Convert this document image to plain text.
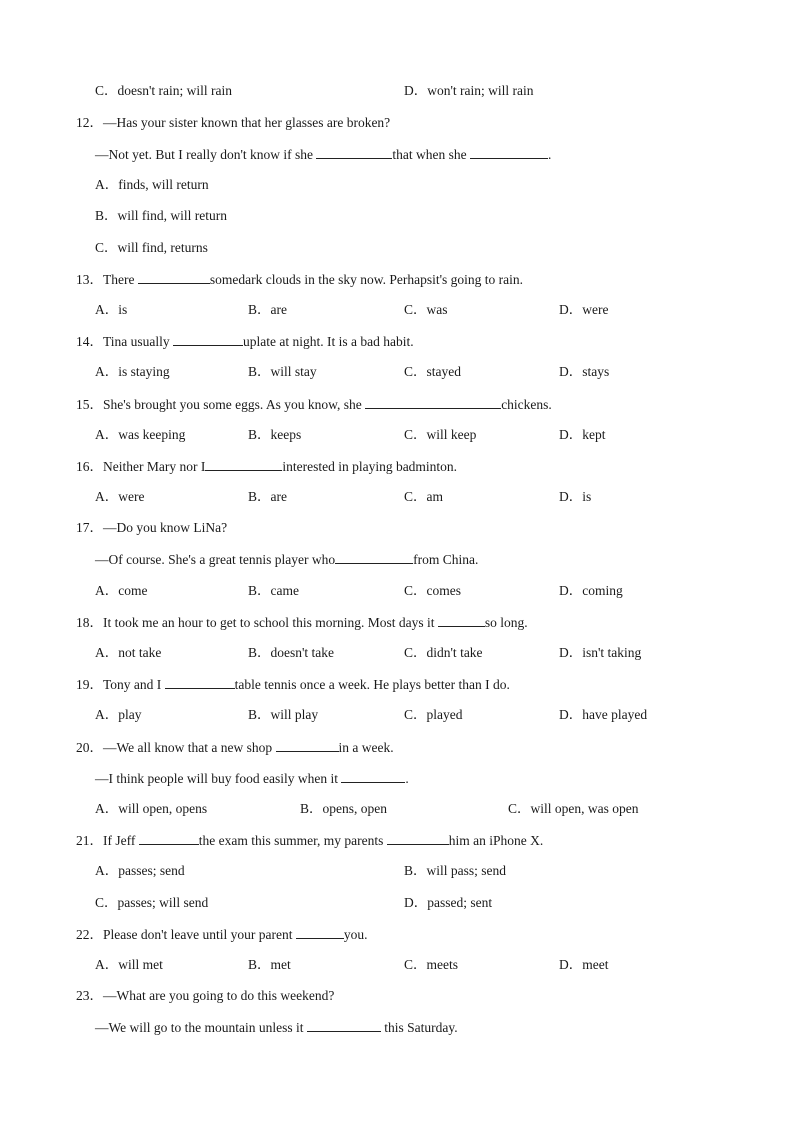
C．doesn't rain; will rain	D．won't rain; will rain
12．—Has your sister known that her glasses are broken?
—Not yet. But I really don't know if she	that when she	.
A．finds, will return
B．will find, will return
C．will find, returns
13．There	somedark clouds in the sky now. Perhapsit's going to rain.
A．is	B．are	C．was	D．were
14．Tina usually	uplate at night. It is a bad habit.
A．is staying	B．will stay	C．stayed	D．stays
15．She's brought you some eggs. As you know, she	chickens.
A．was keeping	B．keeps	C．will keep	D．kept
16．Neither Mary nor I	interested in playing badminton.
A．were	B．are	C．am	D．is
17．—Do you know LiNa?
—Of course. She's a great tennis player who	from China.
A．come	B．came	C．comes	D．coming
18．It took me an hour to get to school this morning. Most days it	so long.
A．not take	B．doesn't take	C．didn't take	D．isn't taking
19．Tony and I	table tennis once a week. He plays better than I do.
A．play	B．will play	C．played	D．have played
20．—We all know that a new shop	in a week.
—I think people will buy food easily when it	.
A．will open, opens	B．opens, open	C．will open, was open
21．If Jeff	the exam this summer, my parents	him an iPhone X.
A．passes; send	B．will pass; send
C．passes; will send	D．passed; sent
22．Please don't leave until your parent	you.
A．will met	B．met	C．meets	D．meet
23．—What are you going to do this weekend?
—We will go to the mountain unless it	this Saturday.
